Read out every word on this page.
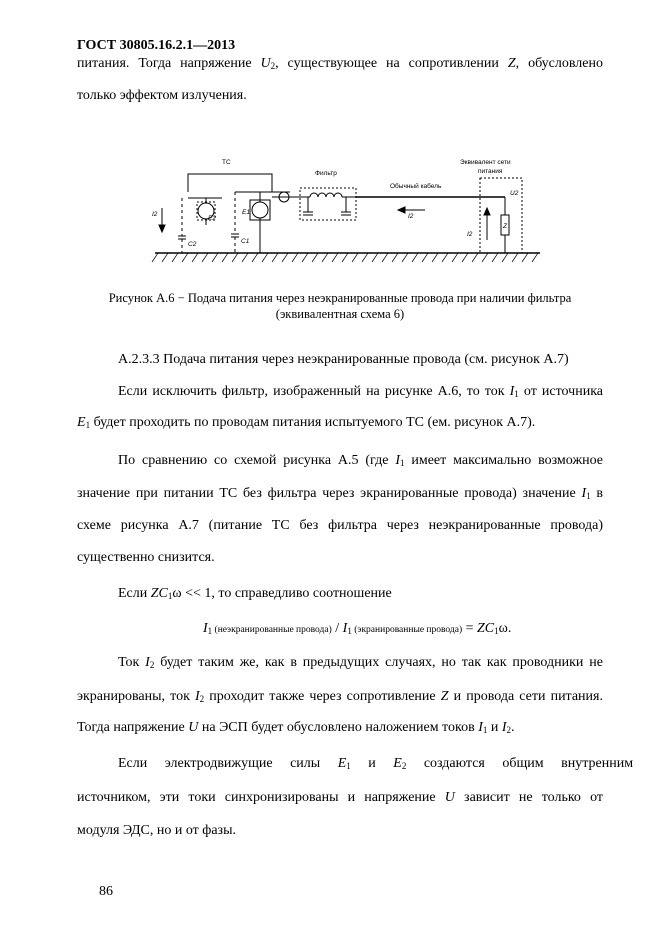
ГОСТ 30805.16.2.1—2013
питания. Тогда напряжение $U_2$, существующее на сопротивлении Z, обусловлено
только эффектом излучения.
ТС
Фильтр
Обычный кабель
Эквивалент сети
питания
U2
Z
I2
I2
I2
E2
E1
C2	C1
Рисунок А.6 − Подача питания через неэкранированные провода при наличии фильтра
(эквивалентная схема 6)
А.2.3.3 Подача питания через неэкранированные провода (см. рисунок А.7)
Если исключить фильтр, изображенный на рисунке А.6, то ток $I_1$ от источника
$E_1$ будет проходить по проводам питания испытуемого ТС (ем. рисунок А.7).
По сравнению со схемой рисунка А.5 (где $I_1$ имеет максимально возможное
значение при питании ТС без фильтра через экранированные провода) значение $I_1$ в
схеме рисунка А.7 (питание ТС без фильтра через неэкранированные провода)
существенно снизится.
Если $ZC_1\omega << 1$, то справедливо соотношение
$I_1$ (неэкранированные провода) / $I_1$ (экранированные провода) = $ZC_1\omega$.
Ток $I_2$ будет таким же, как в предыдущих случаях, но так как проводники не
экранированы, ток $I_2$ проходит также через сопротивление Z и провода сети питания.
Тогда напряжение U на ЭСП будет обусловлено наложением токов $I_1$ и $I_2$.
Если     электродвижущие     силы     $E_1$     и     $E_2$     создаются     общим     внутренним
источником, эти токи синхронизированы и напряжение U зависит не только от
модуля ЭДС, но и от фазы.
86
